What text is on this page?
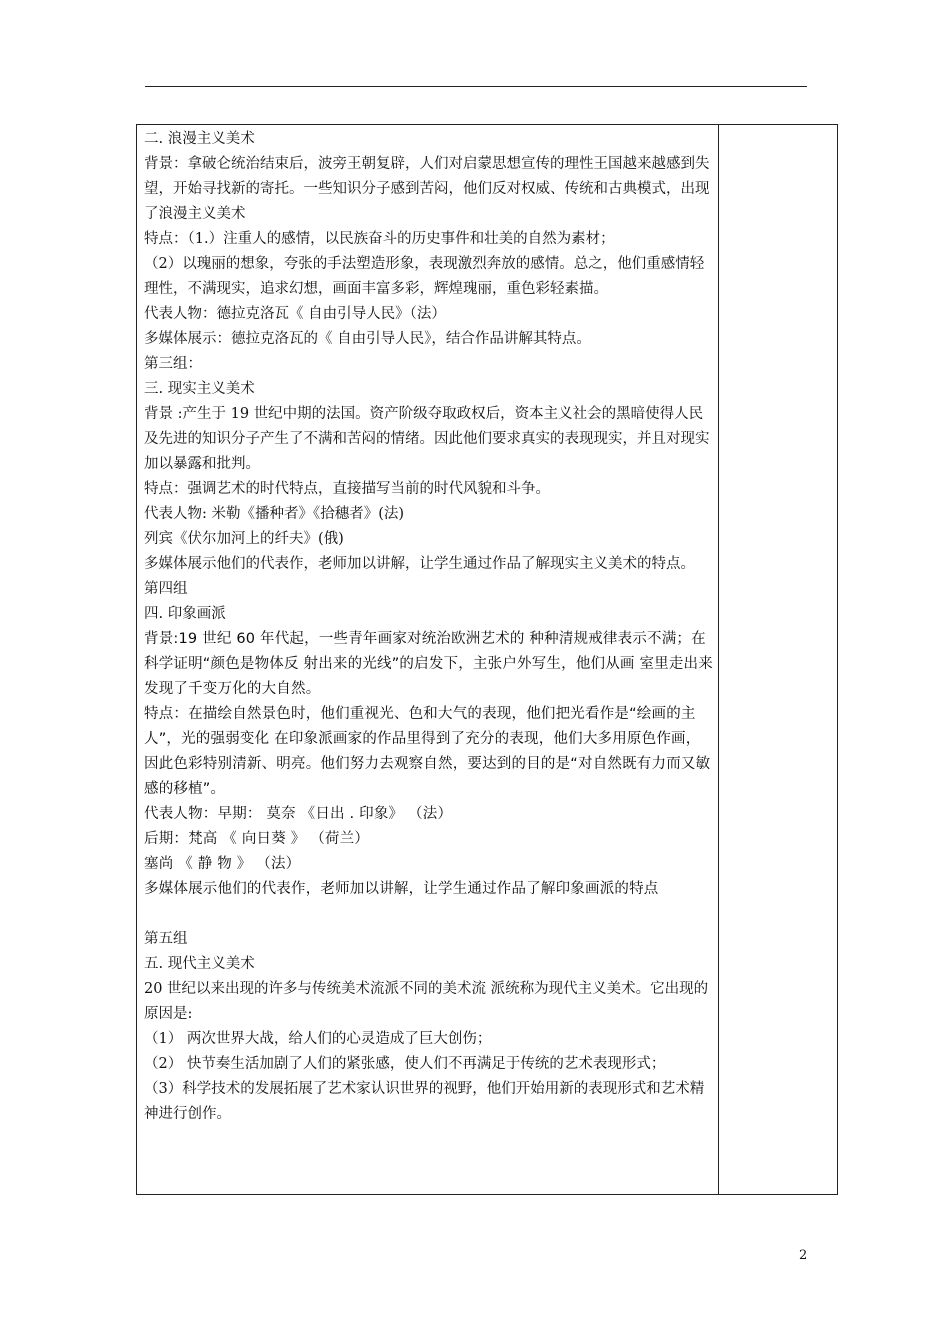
二. 浪漫主义美术

背景：拿破仑统治结束后，波旁王朝复辟，人们对启蒙思想宣传的理性王国越来越感到失望，开始寻找新的寄托。一些知识分子感到苦闷，他们反对权威、传统和古典模式，出现了浪漫主义美术

特点：（1.）注重人的感情，以民族奋斗的历史事件和壮美的自然为素材；

（2）以瑰丽的想象，夸张的手法塑造形象，表现激烈奔放的感情。总之，他们重感情轻理性，不满现实，追求幻想，画面丰富多彩，辉煌瑰丽，重色彩轻素描。

代表人物：德拉克洛瓦《 自由引导人民》（法）

多媒体展示：德拉克洛瓦的《 自由引导人民》，结合作品讲解其特点。

第三组：

三. 现实主义美术

背景 :产生于 19 世纪中期的法国。资产阶级夺取政权后，资本主义社会的黑暗使得人民及先进的知识分子产生了不满和苦闷的情绪。因此他们要求真实的表现现实，并且对现实加以暴露和批判。

特点：强调艺术的时代特点，直接描写当前的时代风貌和斗争。

代表人物: 米勒《播种者》《拾穗者》(法)

列宾《伏尔加河上的纤夫》(俄)

多媒体展示他们的代表作，老师加以讲解，让学生通过作品了解现实主义美术的特点。

第四组

四. 印象画派

背景:19 世纪 60 年代起，一些青年画家对统治欧洲艺术的 种种清规戒律表示不满；在科学证明“颜色是物体反 射出来的光线”的启发下，主张户外写生，他们从画 室里走出来发现了千变万化的大自然。

特点：在描绘自然景色时，他们重视光、色和大气的表现，他们把光看作是“绘画的主人”，光的强弱变化 在印象派画家的作品里得到了充分的表现，他们大多用原色作画，因此色彩特别清新、明亮。他们努力去观察自然，要达到的目的是“对自然既有力而又敏感的移植”。

代表人物：早期： 莫奈 《日出 . 印象》 （法）

后期：梵高 《 向日葵 》 （荷兰）

塞尚 《 静 物 》 （法）

多媒体展示他们的代表作，老师加以讲解，让学生通过作品了解印象画派的特点

第五组

五. 现代主义美术

20 世纪以来出现的许多与传统美术流派不同的美术流 派统称为现代主义美术。它出现的原因是:

（1） 两次世界大战，给人们的心灵造成了巨大创伤；

（2） 快节奏生活加剧了人们的紧张感，使人们不再满足于传统的艺术表现形式；

（3）科学技术的发展拓展了艺术家认识世界的视野，他们开始用新的表现形式和艺术精神进行创作。

2
